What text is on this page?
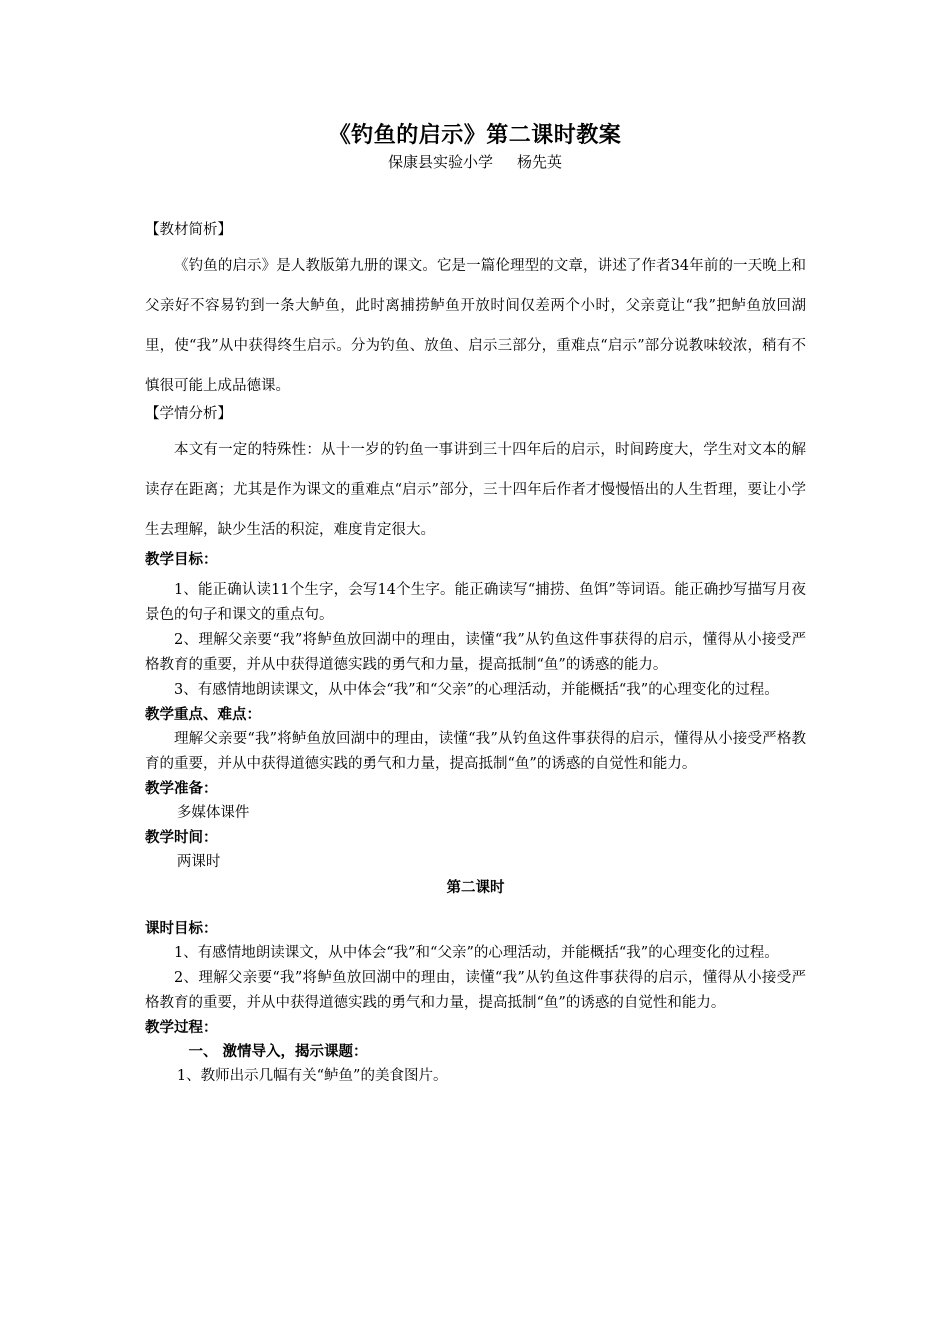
《钓鱼的启示》第二课时教案
保康县实验小学 杨先英

【教材简析】

《钓鱼的启示》是人教版第九册的课文。它是一篇伦理型的文章，讲述了作者34年前的一天晚上和父亲好不容易钓到一条大鲈鱼，此时离捕捞鲈鱼开放时间仅差两个小时，父亲竟让“我”把鲈鱼放回湖里，使“我”从中获得终生启示。分为钓鱼、放鱼、启示三部分，重难点“启示”部分说教味较浓，稍有不慎很可能上成品德课。

【学情分析】

本文有一定的特殊性：从十一岁的钓鱼一事讲到三十四年后的启示，时间跨度大，学生对文本的解读存在距离；尤其是作为课文的重难点“启示”部分，三十四年后作者才慢慢悟出的人生哲理，要让小学生去理解，缺少生活的积淀，难度肯定很大。

教学目标：

1、能正确认读11个生字，会写14个生字。能正确读写“捕捞、鱼饵”等词语。能正确抄写描写月夜景色的句子和课文的重点句。

2、理解父亲要“我”将鲈鱼放回湖中的理由，读懂“我”从钓鱼这件事获得的启示，懂得从小接受严格教育的重要，并从中获得道德实践的勇气和力量，提高抵制“鱼”的诱惑的能力。

3、有感情地朗读课文，从中体会“我”和“父亲”的心理活动，并能概括“我”的心理变化的过程。

教学重点、难点：

理解父亲要“我”将鲈鱼放回湖中的理由，读懂“我”从钓鱼这件事获得的启示，懂得从小接受严格教育的重要，并从中获得道德实践的勇气和力量，提高抵制“鱼”的诱惑的自觉性和能力。

教学准备：

多媒体课件

教学时间：

两课时

第二课时

课时目标：

1、有感情地朗读课文，从中体会“我”和“父亲”的心理活动，并能概括“我”的心理变化的过程。

2、理解父亲要“我”将鲈鱼放回湖中的理由，读懂“我”从钓鱼这件事获得的启示，懂得从小接受严格教育的重要，并从中获得道德实践的勇气和力量，提高抵制“鱼”的诱惑的自觉性和能力。

教学过程：

一、 激情导入，揭示课题：

1、教师出示几幅有关“鲈鱼”的美食图片。
